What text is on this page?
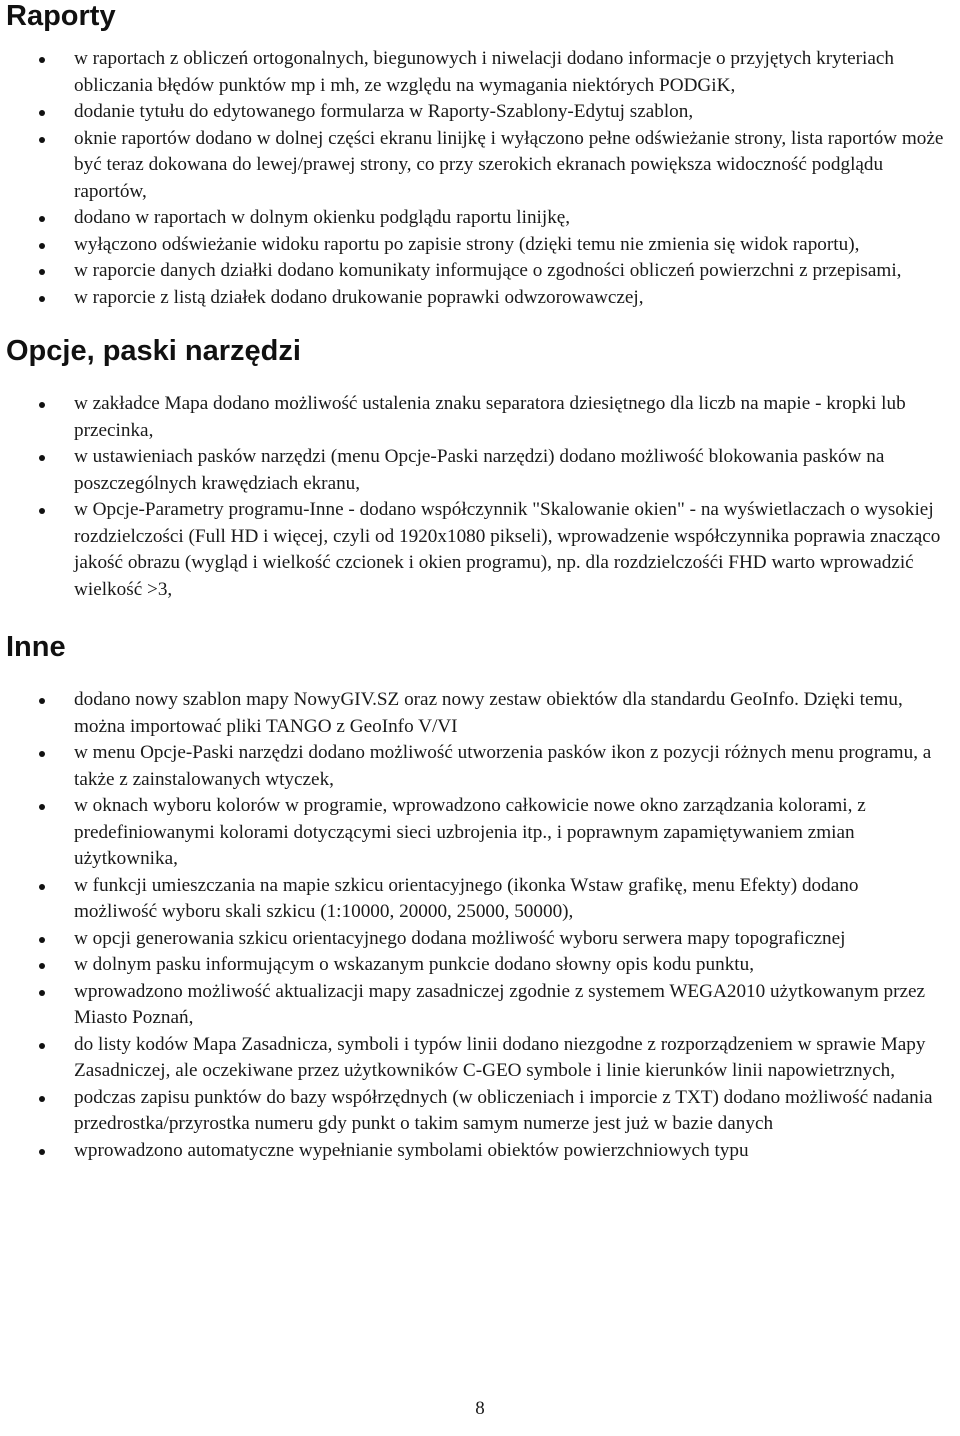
Raporty
w raportach z obliczeń ortogonalnych, biegunowych i niwelacji dodano informacje o przyjętych kryteriach obliczania błędów punktów mp i mh, ze względu na wymagania niektórych PODGiK,
dodanie tytułu do edytowanego formularza w Raporty-Szablony-Edytuj szablon,
oknie raportów dodano w dolnej części ekranu linijkę i wyłączono pełne odświeżanie strony, lista raportów może być teraz dokowana do lewej/prawej strony, co przy szerokich ekranach powiększa widoczność podglądu raportów,
dodano w raportach w dolnym okienku podglądu raportu linijkę,
wyłączono odświeżanie widoku raportu po zapisie strony (dzięki temu nie zmienia się widok raportu),
w raporcie danych działki dodano komunikaty informujące o zgodności obliczeń powierzchni z przepisami,
w raporcie z listą działek dodano drukowanie poprawki odwzorowawczej,
Opcje, paski narzędzi
w zakładce Mapa dodano możliwość ustalenia znaku separatora dziesiętnego dla liczb na mapie - kropki lub przecinka,
w ustawieniach pasków narzędzi (menu Opcje-Paski narzędzi) dodano możliwość blokowania pasków na poszczególnych krawędziach ekranu,
w Opcje-Parametry programu-Inne - dodano współczynnik "Skalowanie okien" - na wyświetlaczach o wysokiej rozdzielczości (Full HD i więcej, czyli od 1920x1080 pikseli), wprowadzenie współczynnika poprawia znacząco jakość obrazu (wygląd i wielkość czcionek i okien programu), np. dla rozdzielczośći FHD warto wprowadzić wielkość >3,
Inne
dodano nowy szablon mapy NowyGIV.SZ oraz nowy zestaw obiektów dla standardu GeoInfo. Dzięki temu, można importować pliki TANGO z GeoInfo V/VI
w menu Opcje-Paski narzędzi dodano możliwość utworzenia pasków ikon z pozycji różnych menu programu, a także z zainstalowanych wtyczek,
w oknach wyboru kolorów w programie, wprowadzono całkowicie nowe okno zarządzania kolorami, z predefiniowanymi kolorami dotyczącymi sieci uzbrojenia itp., i poprawnym zapamiętywaniem zmian użytkownika,
w funkcji umieszczania na mapie szkicu orientacyjnego (ikonka Wstaw grafikę, menu Efekty) dodano możliwość wyboru skali szkicu (1:10000, 20000, 25000, 50000),
w opcji generowania szkicu orientacyjnego dodana możliwość wyboru serwera mapy topograficznej
w dolnym pasku informującym o wskazanym punkcie dodano słowny opis kodu punktu,
wprowadzono możliwość aktualizacji mapy zasadniczej zgodnie z systemem WEGA2010 użytkowanym przez Miasto Poznań,
do listy kodów Mapa Zasadnicza, symboli i typów linii dodano niezgodne z rozporządzeniem w sprawie Mapy Zasadniczej, ale oczekiwane przez użytkowników C-GEO symbole i linie kierunków linii napowietrznych,
podczas zapisu punktów do bazy współrzędnych (w obliczeniach i imporcie z TXT) dodano możliwość nadania przedrostka/przyrostka numeru gdy punkt o takim samym numerze jest już w bazie danych
wprowadzono automatyczne wypełnianie symbolami obiektów powierzchniowych typu
8
